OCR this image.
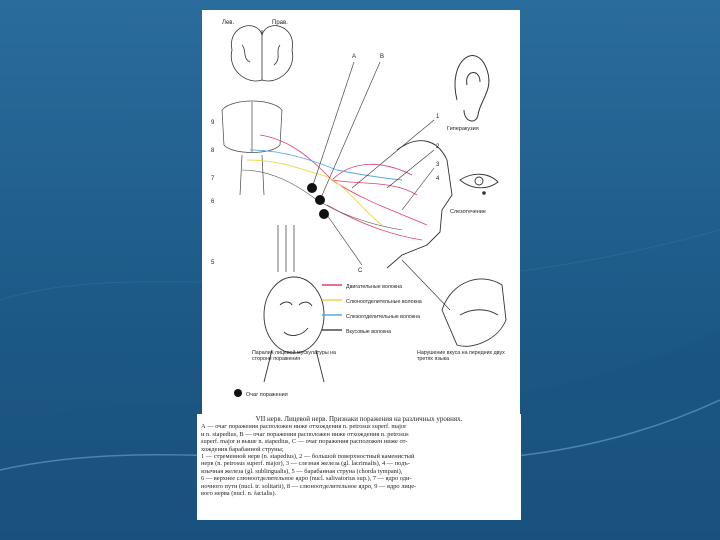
Лев.	Прав.
Гиперакузия
9
8
7
6
5
Слезотечение
А	В
С
1
2
3
4
Двигательные волокна
Слюноотделительные волокна
Слезоотделительные волокна
Вкусовые волокна
Паралич лицевой мускулатуры на стороне поражения
Нарушение вкуса на передних двух третях языка
Очаг поражения
VII нерв. Лицевой нерв. Признаки поражения на различных уровнях.
А — очаг поражения расположен ниже отхождения n. petrosus superf. major
и n. stapedius, В — очаг поражения расположен ниже отхождения n. petrosus
superf. major и выше n. stapedius, С — очаг поражения расположен ниже от-
хождения барабанной струны;
1 — стременной нерв (n. stapedius), 2 — большой поверхностный каменистый
нерв (n. petrosus superf. major), 3 — слезная железа (gl. lacrimalis), 4 — подъ-
язычная железа (gl. sublingualis), 5 — барабанная струна (chorda tympani),
6 — верхнее слюноотделительное ядро (nucl. salivatorius sup.), 7 — ядро оди-
ночного пути (nucl. tr. solitarii), 8 — слюноотделительное ядро, 9 — ядро лице-
вого нерва (nucl. n. facialis).
